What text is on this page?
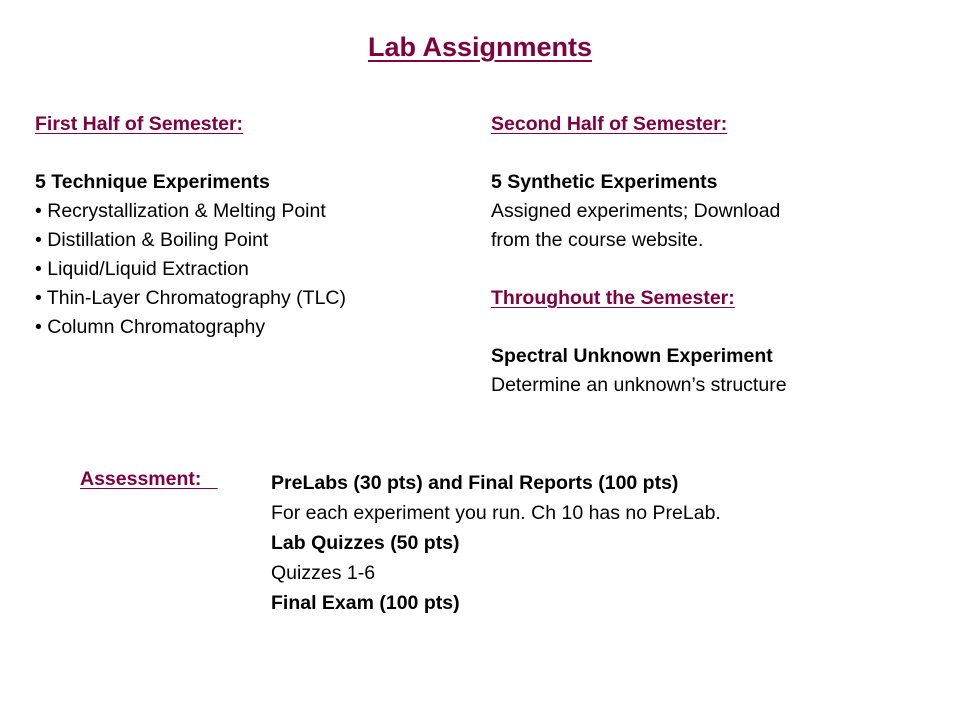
Lab Assignments
First Half of Semester:
5 Technique Experiments
• Recrystallization & Melting Point
• Distillation & Boiling Point
• Liquid/Liquid Extraction
• Thin-Layer Chromatography (TLC)
• Column Chromatography
Second Half of Semester:
5 Synthetic Experiments
Assigned experiments; Download
from the course website.
Throughout the Semester:
Spectral Unknown Experiment
Determine an unknown’s structure
Assessment:	PreLabs (30 pts) and Final Reports (100 pts)
For each experiment you run. Ch 10 has no PreLab.
Lab Quizzes (50 pts)
Quizzes 1-6
Final Exam (100 pts)
